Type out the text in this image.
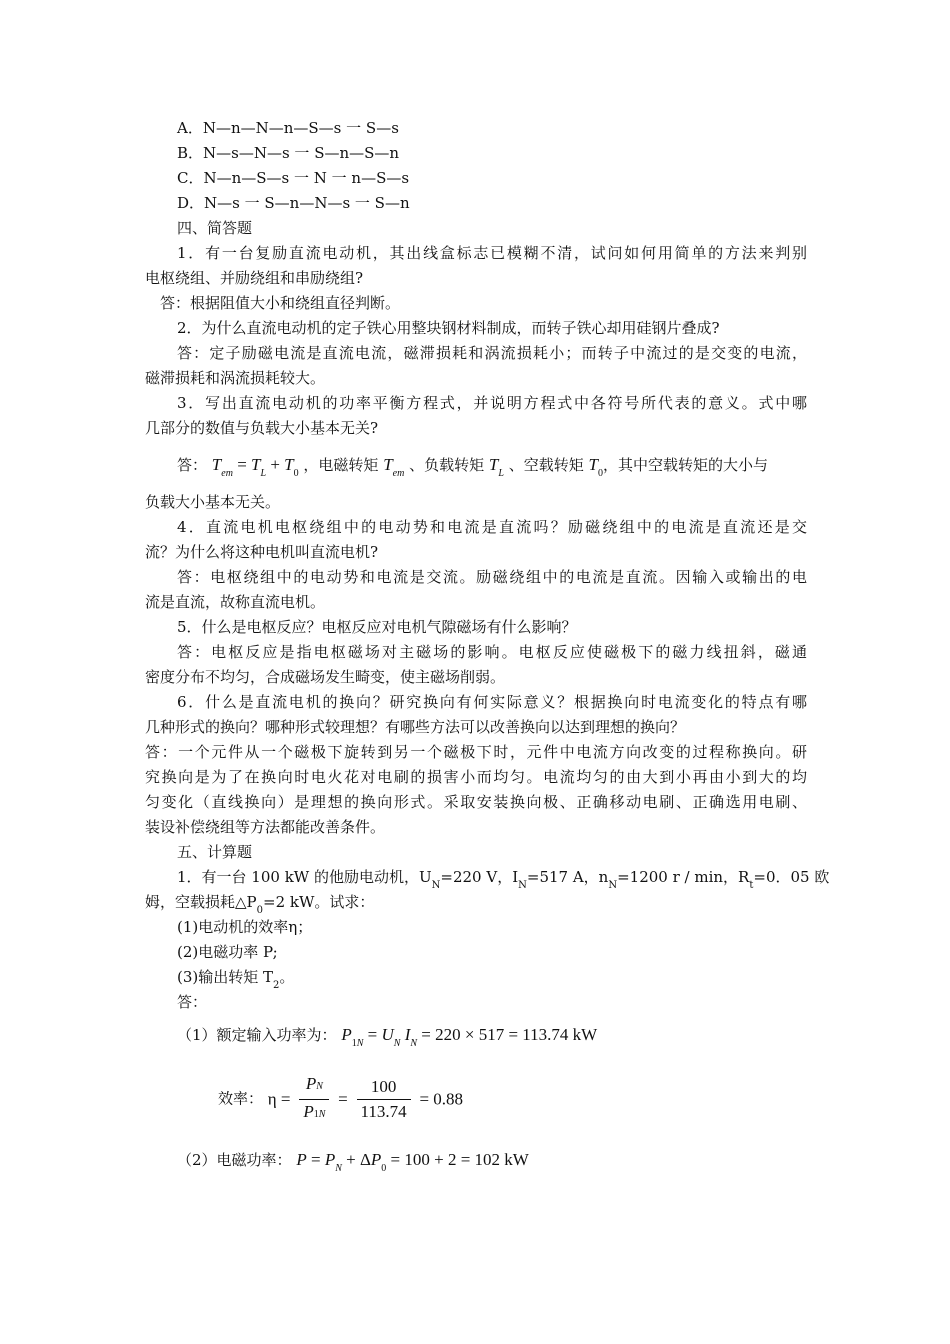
A．N—n—N—n—S—s 一 S—s
B．N—s—N—s 一 S—n—S—n
C．N—n—S—s 一 N 一 n—S—s
D．N—s 一 S—n—N—s 一 S—n
四、简答题
1．有一台复励直流电动机，其出线盒标志已模糊不清，试问如何用简单的方法来判别
电枢绕组、并励绕组和串励绕组?
答：根据阻值大小和绕组直径判断。
2．为什么直流电动机的定子铁心用整块钢材料制成，而转子铁心却用硅钢片叠成?
答：定子励磁电流是直流电流，磁滞损耗和涡流损耗小；而转子中流过的是交变的电流，
磁滞损耗和涡流损耗较大。
3．写出直流电动机的功率平衡方程式，并说明方程式中各符号所代表的意义。式中哪
几部分的数值与负载大小基本无关?
答： $T_{em} = T_L + T_0$ ，电磁转矩 $T_{em}$ 、负载转矩 $T_L$ 、空载转矩 $T_0$，其中空载转矩的大小与
负载大小基本无关。
4．直流电机电枢绕组中的电动势和电流是直流吗？励磁绕组中的电流是直流还是交
流？为什么将这种电机叫直流电机?
答：电枢绕组中的电动势和电流是交流。励磁绕组中的电流是直流。因输入或输出的电
流是直流，故称直流电机。
5．什么是电枢反应？电枢反应对电机气隙磁场有什么影响？
答：电枢反应是指电枢磁场对主磁场的影响。电枢反应使磁极下的磁力线扭斜，磁通
密度分布不均匀，合成磁场发生畸变，使主磁场削弱。
6．什么是直流电机的换向？研究换向有何实际意义？根据换向时电流变化的特点有哪
几种形式的换向？哪种形式较理想？有哪些方法可以改善换向以达到理想的换向？
答：一个元件从一个磁极下旋转到另一个磁极下时，元件中电流方向改变的过程称换向。研
究换向是为了在换向时电火花对电刷的损害小而均匀。电流均匀的由大到小再由小到大的均
匀变化（直线换向）是理想的换向形式。采取安装换向极、正确移动电刷、正确选用电刷、
装设补偿绕组等方法都能改善条件。
五、计算题
1．有一台 100 kW 的他励电动机，$U_N=220$ V，$I_N=517$ A，$n_N=1200$ r / min，$R_t=0$．05 欧
姆，空载损耗$\triangle P_0=2$ kW。试求：
(1)电动机的效率η；
(2)电磁功率 P;
(3)输出转矩 $T_2$。
答：
（1）额定输入功率为： $P_{1N} = U_N$ $I_N = 220 \times 517 = 113.74$ kW
效率： $\eta = \frac{PN}{P1N} = \frac{100}{113.74} = 0.88$
（2）电磁功率： $P = P_N + \Delta P_0 = 100 + 2 = 102$ kW
